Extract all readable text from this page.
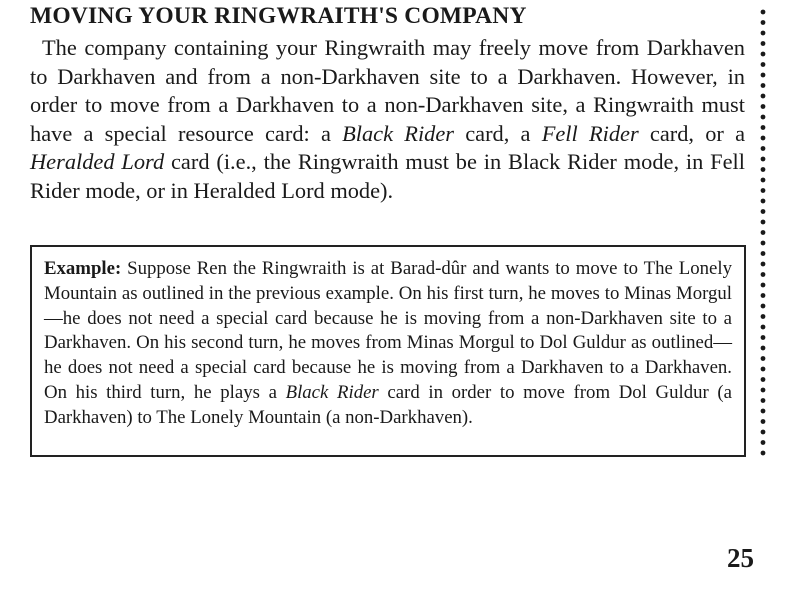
MOVING YOUR RINGWRAITH'S COMPANY

The company containing your Ringwraith may freely move from Darkhaven to Darkhaven and from a non-Darkhaven site to a Darkhaven. However, in order to move from a Darkhaven to a non-Darkhaven site, a Ringwraith must have a special resource card: a Black Rider card, a Fell Rider card, or a Heralded Lord card (i.e., the Ringwraith must be in Black Rider mode, in Fell Rider mode, or in Heralded Lord mode).

Example: Suppose Ren the Ringwraith is at Barad-dûr and wants to move to The Lonely Mountain as outlined in the previous example. On his first turn, he moves to Minas Morgul—he does not need a special card because he is moving from a non-Darkhaven site to a Darkhaven. On his second turn, he moves from Minas Morgul to Dol Guldur as outlined—he does not need a special card because he is moving from a Darkhaven to a Darkhaven. On his third turn, he plays a Black Rider card in order to move from Dol Guldur (a Darkhaven) to The Lonely Mountain (a non-Darkhaven).

25
